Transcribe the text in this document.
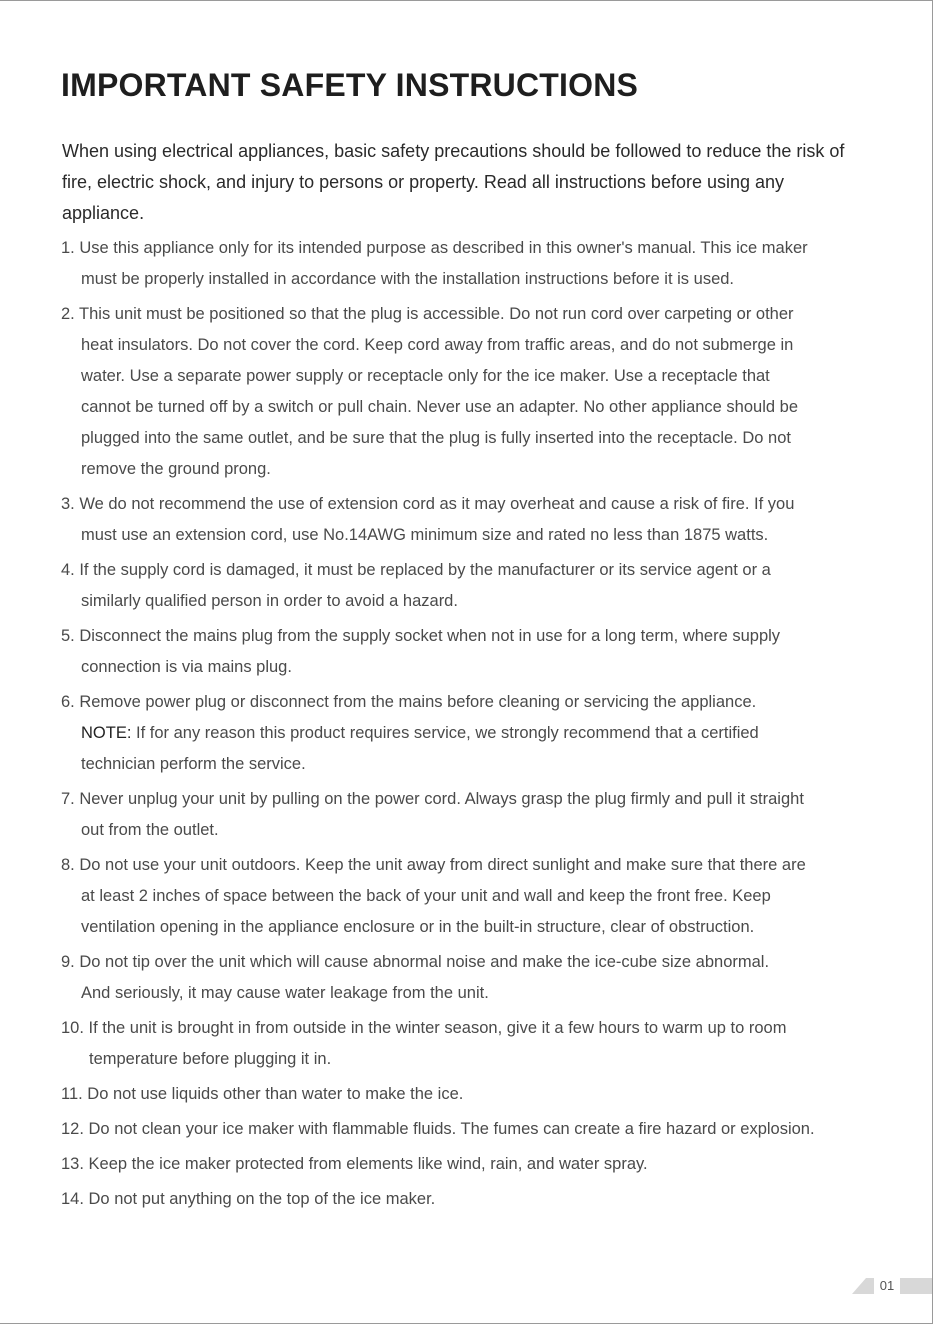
IMPORTANT SAFETY INSTRUCTIONS

When using electrical appliances, basic safety precautions should be followed to reduce the risk of
fire, electric shock, and injury to persons or property. Read all instructions before using any
appliance.

1. Use this appliance only for its intended purpose as described in this owner's manual. This ice maker
must be properly installed in accordance with the installation instructions before it is used.
2. This unit must be positioned so that the plug is accessible. Do not run cord over carpeting or other
heat insulators. Do not cover the cord. Keep cord away from traffic areas, and do not submerge in
water. Use a separate power supply or receptacle only for the ice maker. Use a receptacle that
cannot be turned off by a switch or pull chain. Never use an adapter. No other appliance should be
plugged into the same outlet, and be sure that the plug is fully inserted into the receptacle. Do not
remove the ground prong.
3. We do not recommend the use of extension cord as it may overheat and cause a risk of fire. If you
must use an extension cord, use No.14AWG minimum size and rated no less than 1875 watts.
4. If the supply cord is damaged, it must be replaced by the manufacturer or its service agent or a
similarly qualified person in order to avoid a hazard.
5. Disconnect the mains plug from the supply socket when not in use for a long term, where supply
connection is via mains plug.
6. Remove power plug or disconnect from the mains before cleaning or servicing the appliance.
NOTE: If for any reason this product requires service, we strongly recommend that a certified
technician perform the service.
7. Never unplug your unit by pulling on the power cord. Always grasp the plug firmly and pull it straight
out from the outlet.
8. Do not use your unit outdoors. Keep the unit away from direct sunlight and make sure that there are
at least 2 inches of space between the back of your unit and wall and keep the front free. Keep
ventilation opening in the appliance enclosure or in the built-in structure, clear of obstruction.
9. Do not tip over the unit which will cause abnormal noise and make the ice-cube size abnormal.
And seriously, it may cause water leakage from the unit.
10. If the unit is brought in from outside in the winter season, give it a few hours to warm up to room
temperature before plugging it in.
11. Do not use liquids other than water to make the ice.
12. Do not clean your ice maker with flammable fluids. The fumes can create a fire hazard or explosion.
13. Keep the ice maker protected from elements like wind, rain, and water spray.
14. Do not put anything on the top of the ice maker.
01
